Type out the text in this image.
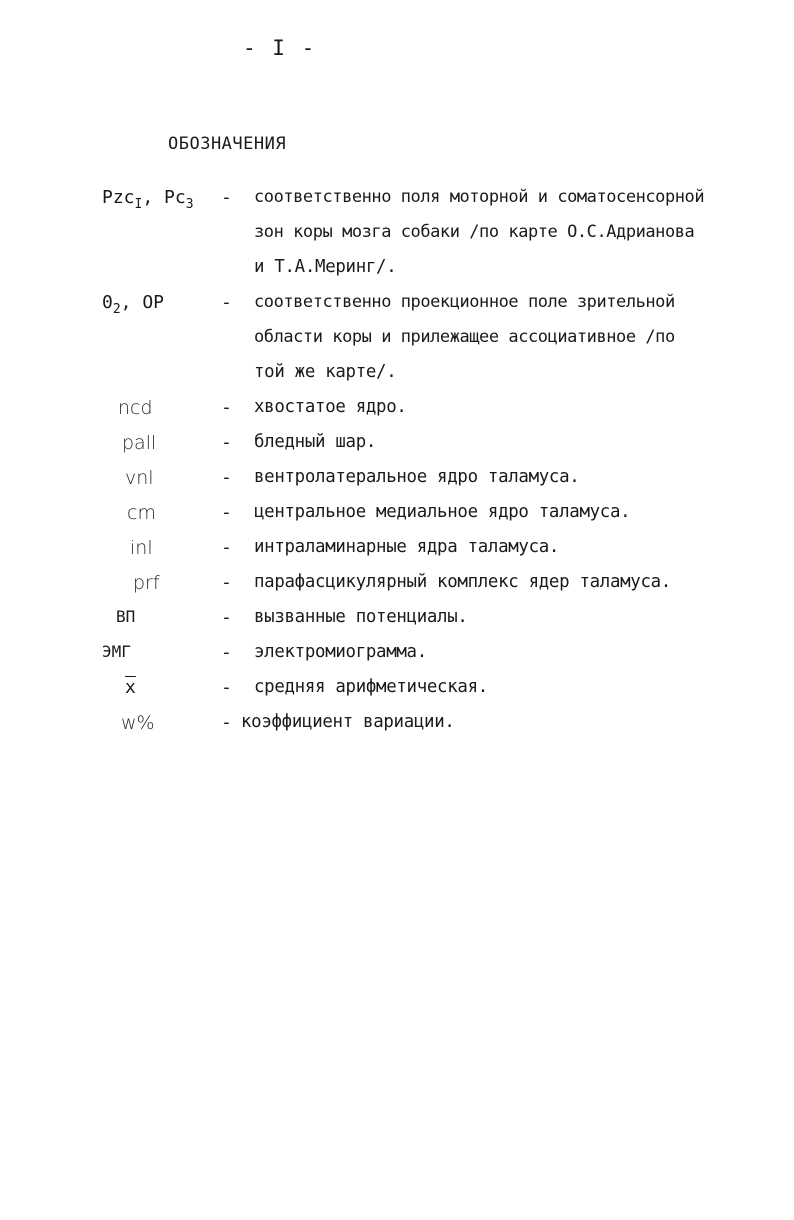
- I -
ОБОЗНАЧЕНИЯ
Pzc$_I$, $Pc_3$ - соответственно поля моторной и соматосенсорной
зон коры мозга собаки /по карте О.С.Адрианова
и Т.А.Меринг/.
$0_2$, OP	- соответственно проекционное поле зрительной
области коры и прилежащее ассоциативное /по
той же карте/.
ncd	- хвостатое ядро.
pall	- бледный шар.
vnl	- вентролатеральное ядро таламуса.
cm	- центральное медиальное ядро таламуса.
inl	- интраламинарные ядра таламуса.
prf	- парафасцикулярный комплекс ядер таламуса.
ВП	- вызванные потенциалы.
ЭМГ	- электромиограмма.
$\overline{x}$	- средняя арифметическая.
w%	- коэффициент вариации.
